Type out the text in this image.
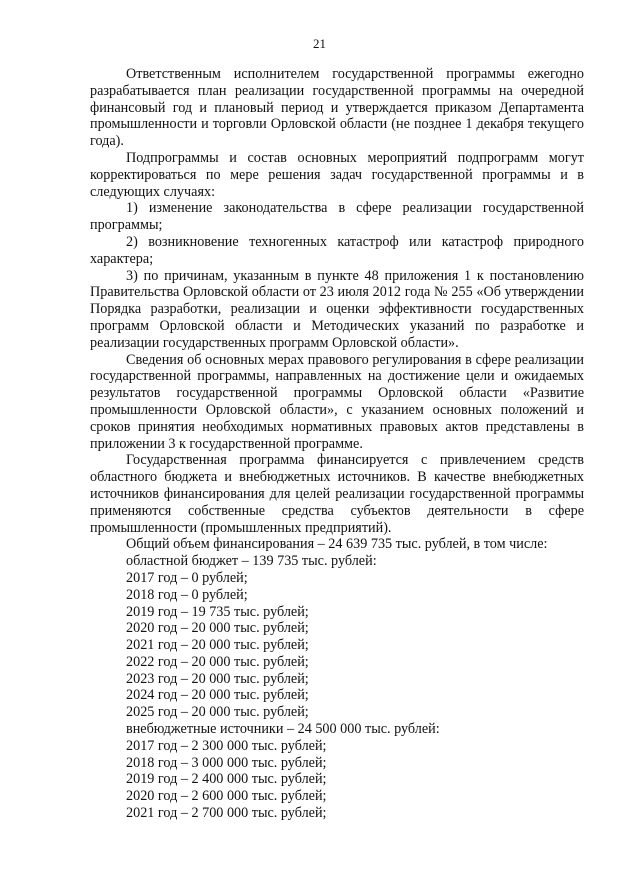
21

Ответственным исполнителем государственной программы ежегодно разрабатывается план реализации государственной программы на очередной финансовый год и плановый период и утверждается приказом Департамента промышленности и торговли Орловской области (не позднее 1 декабря текущего года).

Подпрограммы и состав основных мероприятий подпрограмм могут корректироваться по мере решения задач государственной программы и в следующих случаях:

1) изменение законодательства в сфере реализации государственной программы;

2) возникновение техногенных катастроф или катастроф природного характера;

3) по причинам, указанным в пункте 48 приложения 1 к постановлению Правительства Орловской области от 23 июля 2012 года № 255 «Об утверждении Порядка разработки, реализации и оценки эффективности государственных программ Орловской области и Методических указаний по разработке и реализации государственных программ Орловской области».

Сведения об основных мерах правового регулирования в сфере реализации государственной программы, направленных на достижение цели и ожидаемых результатов государственной программы Орловской области «Развитие промышленности Орловской области», с указанием основных положений и сроков принятия необходимых нормативных правовых актов представлены в приложении 3 к государственной программе.

Государственная программа финансируется с привлечением средств областного бюджета и внебюджетных источников. В качестве внебюджетных источников финансирования для целей реализации государственной программы применяются собственные средства субъектов деятельности в сфере промышленности (промышленных предприятий).

Общий объем финансирования – 24 639 735 тыс. рублей, в том числе:

областной бюджет – 139 735 тыс. рублей:

2017 год – 0 рублей;

2018 год – 0 рублей;

2019 год – 19 735 тыс. рублей;

2020 год – 20 000 тыс. рублей;

2021 год – 20 000 тыс. рублей;

2022 год – 20 000 тыс. рублей;

2023 год – 20 000 тыс. рублей;

2024 год – 20 000 тыс. рублей;

2025 год – 20 000 тыс. рублей;

внебюджетные источники – 24 500 000 тыс. рублей:

2017 год – 2 300 000 тыс. рублей;

2018 год – 3 000 000 тыс. рублей;

2019 год – 2 400 000 тыс. рублей;

2020 год – 2 600 000 тыс. рублей;

2021 год – 2 700 000 тыс. рублей;
